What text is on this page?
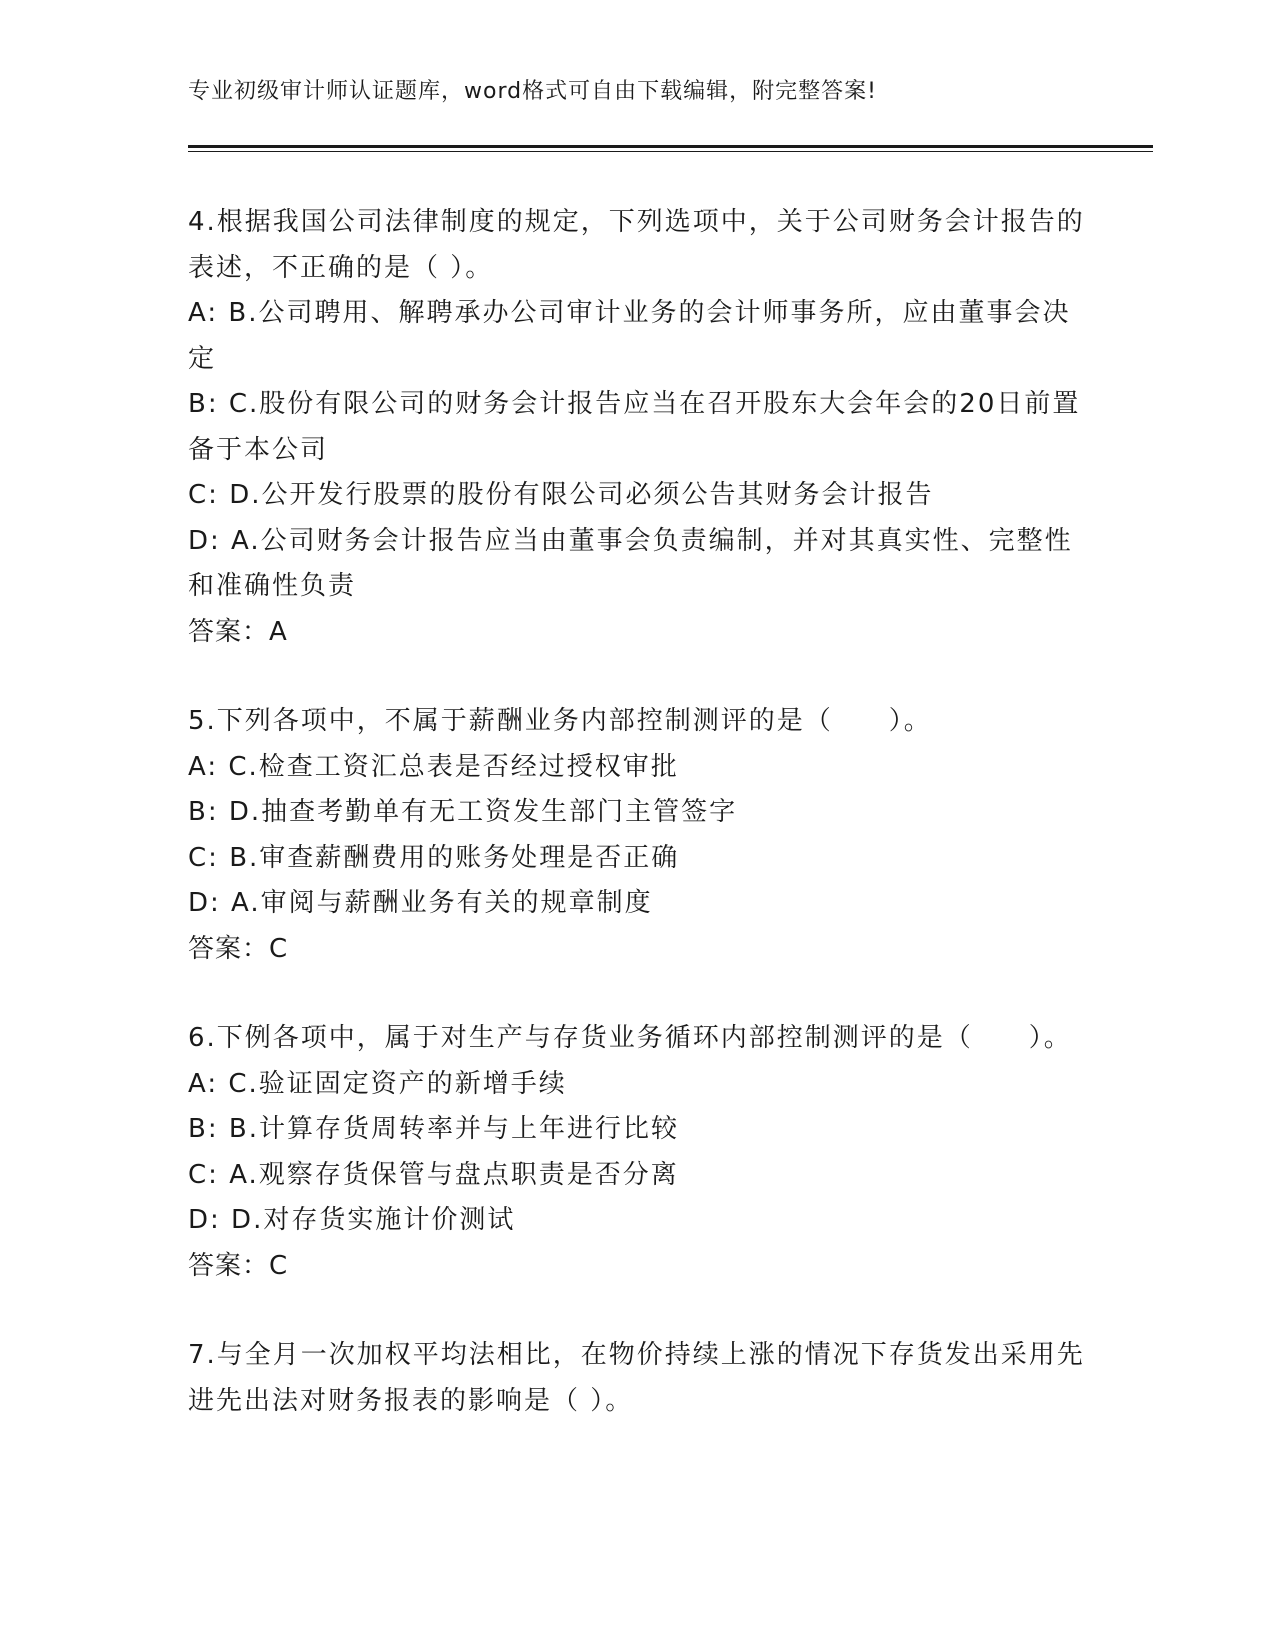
专业初级审计师认证题库，word格式可自由下载编辑，附完整答案!
4.根据我国公司法律制度的规定，下列选项中，关于公司财务会计报告的表述，不正确的是（ ）。
A: B.公司聘用、解聘承办公司审计业务的会计师事务所，应由董事会决定
B: C.股份有限公司的财务会计报告应当在召开股东大会年会的20日前置备于本公司
C: D.公开发行股票的股份有限公司必须公告其财务会计报告
D: A.公司财务会计报告应当由董事会负责编制，并对其真实性、完整性和准确性负责
答案：A
5.下列各项中，不属于薪酬业务内部控制测评的是（　　）。
A: C.检查工资汇总表是否经过授权审批
B: D.抽查考勤单有无工资发生部门主管签字
C: B.审查薪酬费用的账务处理是否正确
D: A.审阅与薪酬业务有关的规章制度
答案：C
6.下例各项中，属于对生产与存货业务循环内部控制测评的是（　　）。
A: C.验证固定资产的新增手续
B: B.计算存货周转率并与上年进行比较
C: A.观察存货保管与盘点职责是否分离
D: D.对存货实施计价测试
答案：C
7.与全月一次加权平均法相比，在物价持续上涨的情况下存货发出采用先进先出法对财务报表的影响是（ ）。
